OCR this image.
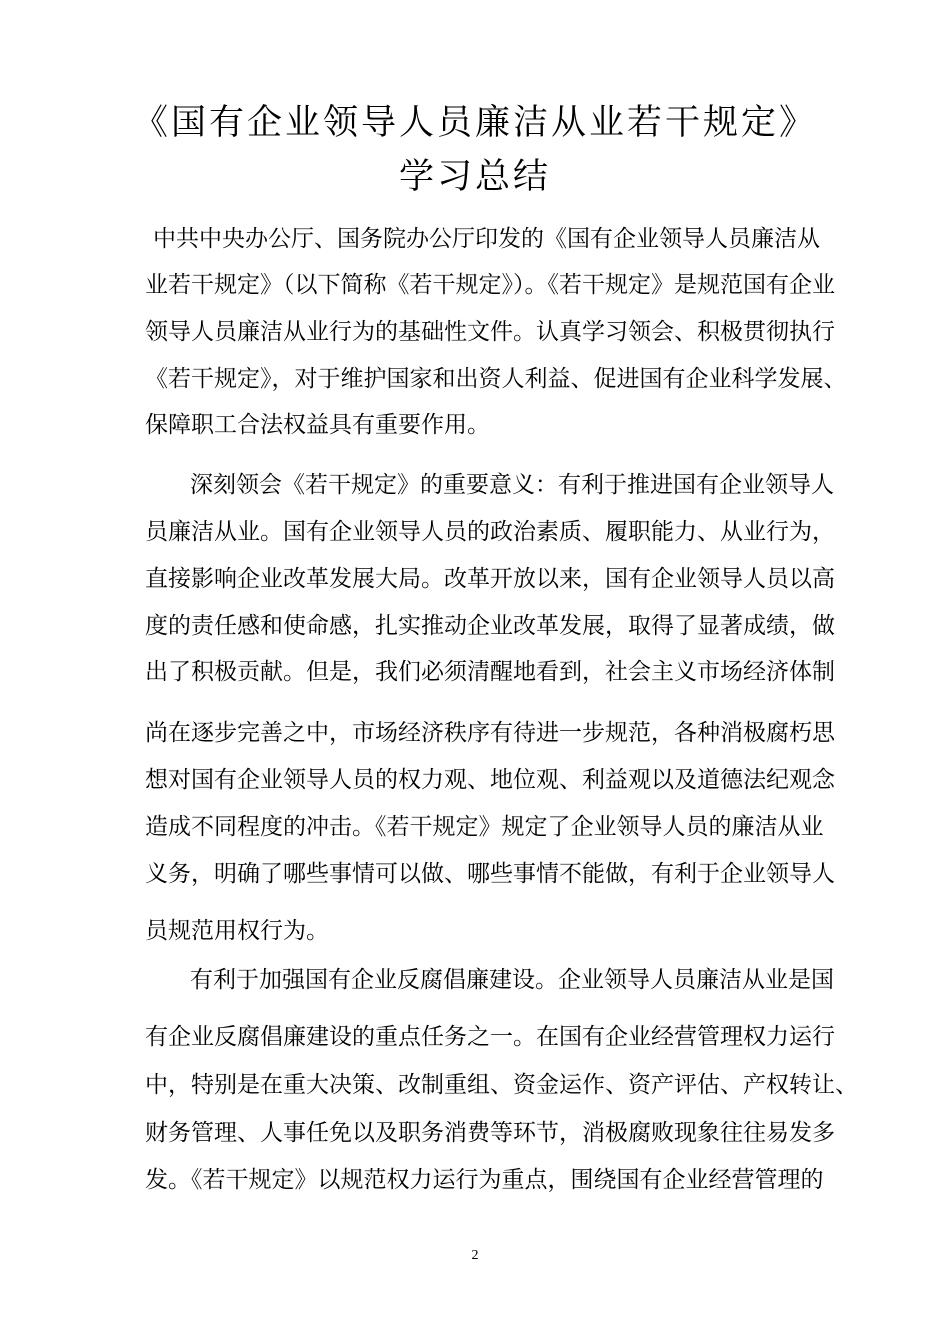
《国有企业领导人员廉洁从业若干规定》
学习总结
中共中央办公厅、国务院办公厅印发的《国有企业领导人员廉洁从
业若干规定》（以下简称《若干规定》）。《若干规定》是规范国有企业
领导人员廉洁从业行为的基础性文件。认真学习领会、积极贯彻执行
《若干规定》，对于维护国家和出资人利益、促进国有企业科学发展、
保障职工合法权益具有重要作用。
深刻领会《若干规定》的重要意义：有利于推进国有企业领导人
员廉洁从业。国有企业领导人员的政治素质、履职能力、从业行为，
直接影响企业改革发展大局。改革开放以来，国有企业领导人员以高
度的责任感和使命感，扎实推动企业改革发展，取得了显著成绩，做
出了积极贡献。但是，我们必须清醒地看到，社会主义市场经济体制
尚在逐步完善之中，市场经济秩序有待进一步规范，各种消极腐朽思
想对国有企业领导人员的权力观、地位观、利益观以及道德法纪观念
造成不同程度的冲击。《若干规定》规定了企业领导人员的廉洁从业
义务，明确了哪些事情可以做、哪些事情不能做，有利于企业领导人
员规范用权行为。
有利于加强国有企业反腐倡廉建设。企业领导人员廉洁从业是国
有企业反腐倡廉建设的重点任务之一。在国有企业经营管理权力运行
中，特别是在重大决策、改制重组、资金运作、资产评估、产权转让、
财务管理、人事任免以及职务消费等环节，消极腐败现象往往易发多
发。《若干规定》以规范权力运行为重点，围绕国有企业经营管理的
2
